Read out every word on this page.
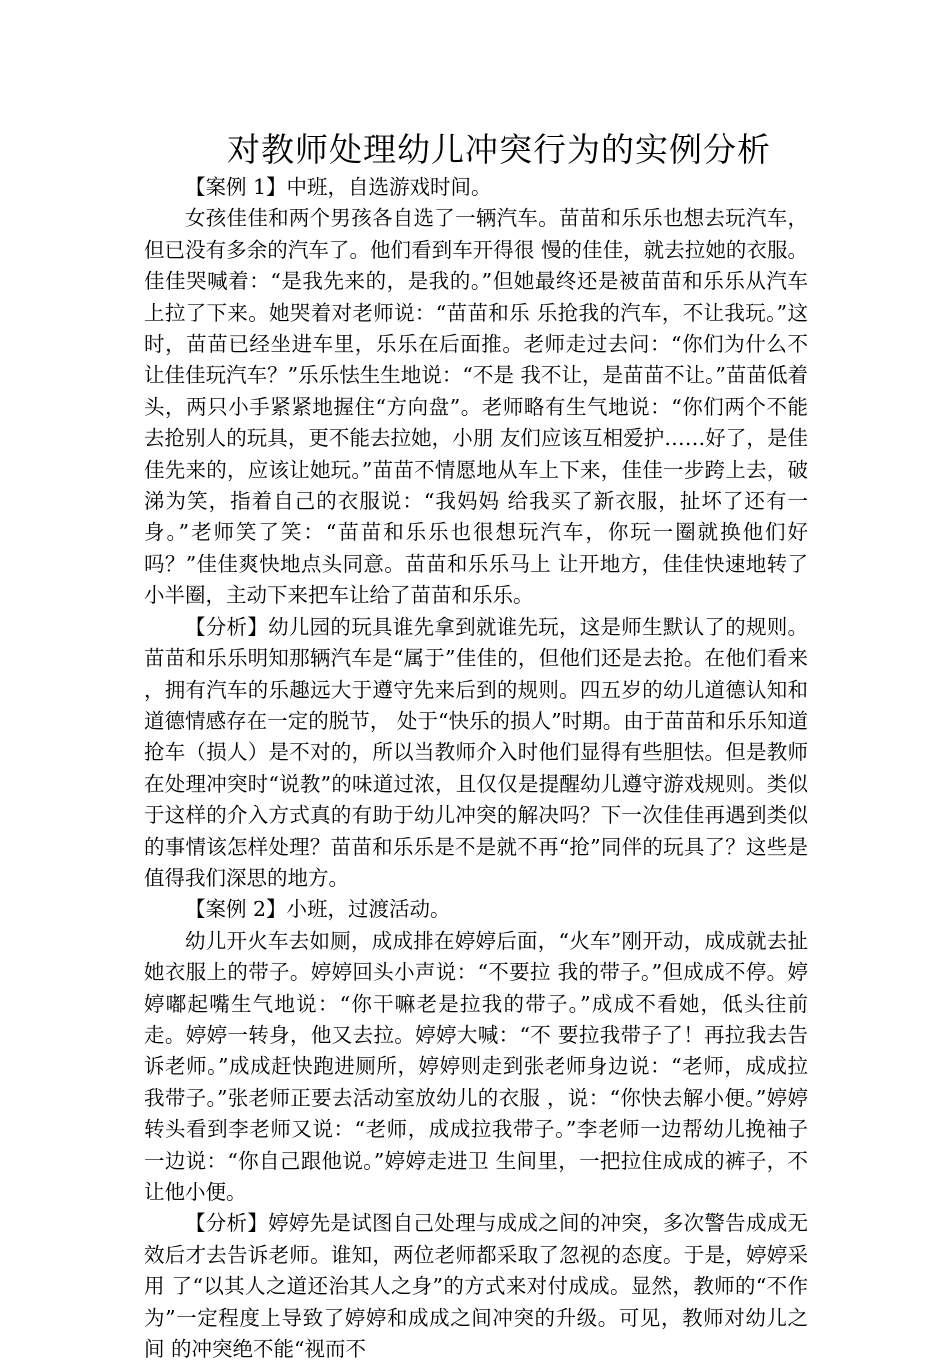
对教师处理幼儿冲突行为的实例分析

【案例 1】中班，自选游戏时间。

女孩佳佳和两个男孩各自选了一辆汽车。苗苗和乐乐也想去玩汽车，但已没有多余的汽车了。他们看到车开得很 慢的佳佳，就去拉她的衣服。佳佳哭喊着：“是我先来的，是我的。”但她最终还是被苗苗和乐乐从汽车上拉了下来。她哭着对老师说：“苗苗和乐 乐抢我的汽车，不让我玩。”这时，苗苗已经坐进车里，乐乐在后面推。老师走过去问：“你们为什么不让佳佳玩汽车？”乐乐怯生生地说：“不是 我不让，是苗苗不让。”苗苗低着头，两只小手紧紧地握住“方向盘”。老师略有生气地说：“你们两个不能去抢别人的玩具，更不能去拉她，小朋 友们应该互相爱护……好了，是佳佳先来的，应该让她玩。”苗苗不情愿地从车上下来，佳佳一步跨上去，破涕为笑，指着自己的衣服说：“我妈妈 给我买了新衣服，扯坏了还有一身。”老师笑了笑：“苗苗和乐乐也很想玩汽车，你玩一圈就换他们好吗？”佳佳爽快地点头同意。苗苗和乐乐马上 让开地方，佳佳快速地转了小半圈，主动下来把车让给了苗苗和乐乐。

【分析】幼儿园的玩具谁先拿到就谁先玩，这是师生默认了的规则。苗苗和乐乐明知那辆汽车是“属于”佳佳的，但他们还是去抢。在他们看来 ，拥有汽车的乐趣远大于遵守先来后到的规则。四五岁的幼儿道德认知和道德情感存在一定的脱节， 处于“快乐的损人”时期。由于苗苗和乐乐知道 抢车（损人）是不对的，所以当教师介入时他们显得有些胆怯。但是教师在处理冲突时“说教”的味道过浓，且仅仅是提醒幼儿遵守游戏规则。类似于这样的介入方式真的有助于幼儿冲突的解决吗？下一次佳佳再遇到类似的事情该怎样处理？苗苗和乐乐是不是就不再“抢”同伴的玩具了？这些是 值得我们深思的地方。

【案例 2】小班，过渡活动。

幼儿开火车去如厕，成成排在婷婷后面，“火车”刚开动，成成就去扯她衣服上的带子。婷婷回头小声说：“不要拉 我的带子。”但成成不停。婷婷嘟起嘴生气地说：“你干嘛老是拉我的带子。”成成不看她，低头往前走。婷婷一转身，他又去拉。婷婷大喊：“不 要拉我带子了！再拉我去告诉老师。”成成赶快跑进厕所，婷婷则走到张老师身边说：“老师，成成拉我带子。”张老师正要去活动室放幼儿的衣服 ，说：“你快去解小便。”婷婷转头看到李老师又说：“老师，成成拉我带子。”李老师一边帮幼儿挽袖子一边说：“你自己跟他说。”婷婷走进卫 生间里，一把拉住成成的裤子，不让他小便。

【分析】婷婷先是试图自己处理与成成之间的冲突，多次警告成成无效后才去告诉老师。谁知，两位老师都采取了忽视的态度。于是，婷婷采用 了“以其人之道还治其人之身”的方式来对付成成。显然，教师的“不作为”一定程度上导致了婷婷和成成之间冲突的升级。可见，教师对幼儿之间 的冲突绝不能“视而不
